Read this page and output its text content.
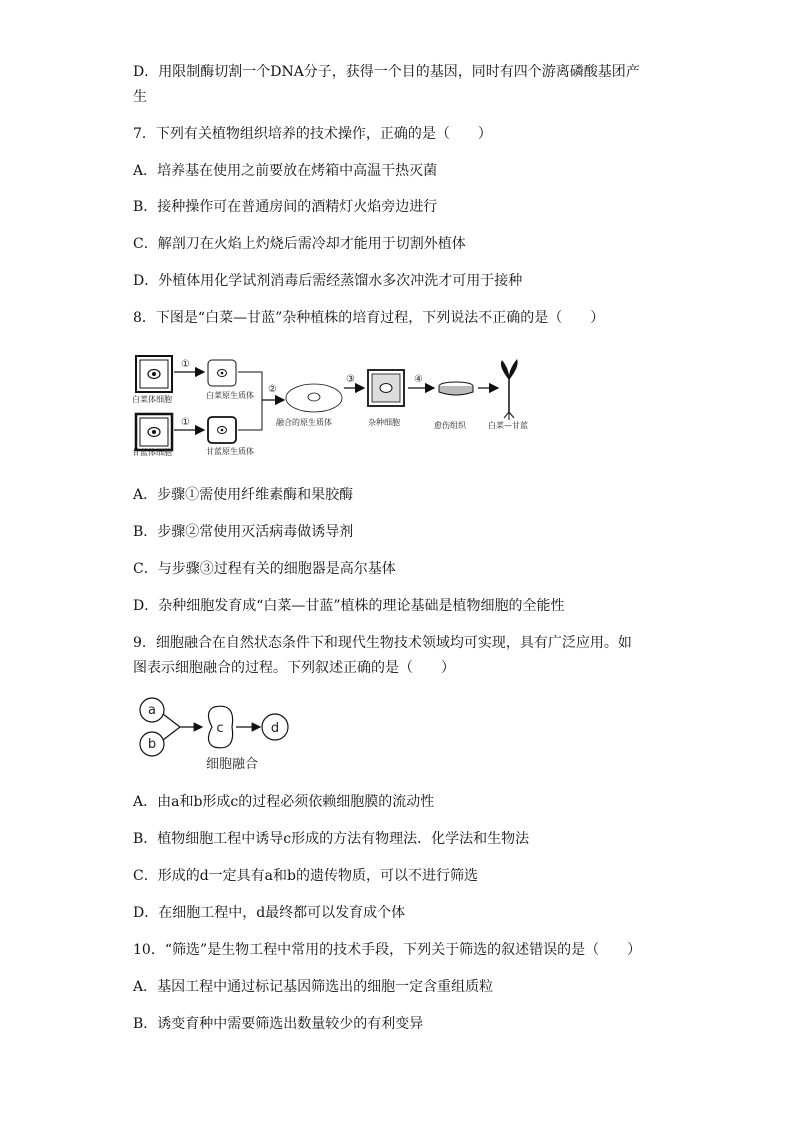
D．用限制酶切割一个DNA分子，获得一个目的基因，同时有四个游离磷酸基团产
生
7．下列有关植物组织培养的技术操作，正确的是（　　）
A．培养基在使用之前要放在烤箱中高温干热灭菌
B．接种操作可在普通房间的酒精灯火焰旁边进行
C．解剖刀在火焰上灼烧后需冷却才能用于切割外植体
D．外植体用化学试剂消毒后需经蒸馏水多次冲洗才可用于接种
8．下图是“白菜—甘蓝”杂种植株的培育过程，下列说法不正确的是（　　）
①
白菜体细胞	白菜原生质体
①
甘蓝体细胞	甘蓝原生质体
②
融合的原生质体
③
杂种细胞
④
愈伤组织	白菜—甘蓝
A．步骤①需使用纤维素酶和果胶酶
B．步骤②常使用灭活病毒做诱导剂
C．与步骤③过程有关的细胞器是高尔基体
D．杂种细胞发育成“白菜—甘蓝”植株的理论基础是植物细胞的全能性
9．细胞融合在自然状态条件下和现代生物技术领域均可实现，具有广泛应用。如
图表示细胞融合的过程。下列叙述正确的是（　　）
a
b
c	d
细胞融合
A．由a和b形成c的过程必须依赖细胞膜的流动性
B．植物细胞工程中诱导c形成的方法有物理法．化学法和生物法
C．形成的d一定具有a和b的遗传物质，可以不进行筛选
D．在细胞工程中，d最终都可以发育成个体
10．“筛选”是生物工程中常用的技术手段，下列关于筛选的叙述错误的是（　　）
A．基因工程中通过标记基因筛选出的细胞一定含重组质粒
B．诱变育种中需要筛选出数量较少的有利变异
